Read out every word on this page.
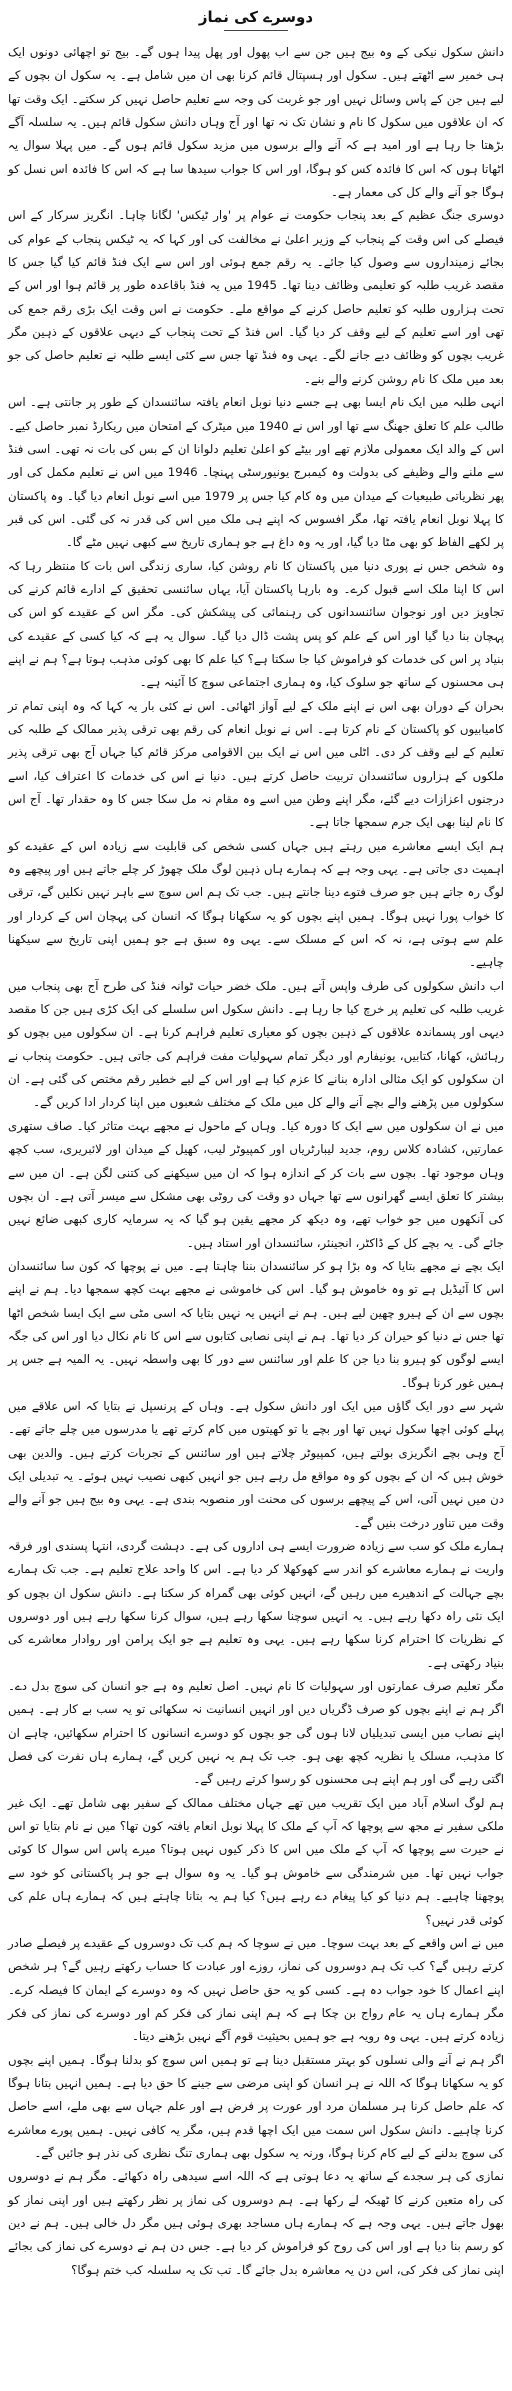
دوسرے کی نماز

دانش سکول نیکی کے وہ بیج ہیں جن سے اب پھول اور پھل پیدا ہوں گے۔ بیج تو اچھائی دونوں ایک ہی خمیر سے اٹھتے ہیں۔ سکول اور ہسپتال قائم کرنا بھی ان میں شامل ہے۔ یہ سکول ان بچوں کے لیے ہیں جن کے پاس وسائل نہیں اور جو غربت کی وجہ سے تعلیم حاصل نہیں کر سکتے۔ ایک وقت تھا کہ ان علاقوں میں سکول کا نام و نشان تک نہ تھا اور آج وہاں دانش سکول قائم ہیں۔ یہ سلسلہ آگے بڑھتا جا رہا ہے اور امید ہے کہ آنے والے برسوں میں مزید سکول قائم ہوں گے۔ میں پہلا سوال یہ اٹھاتا ہوں کہ اس کا فائدہ کس کو ہوگا، اور اس کا جواب سیدھا سا ہے کہ اس کا فائدہ اس نسل کو ہوگا جو آنے والے کل کی معمار ہے۔

دوسری جنگ عظیم کے بعد پنجاب حکومت نے عوام پر 'وار ٹیکس' لگانا چاہا۔ انگریز سرکار کے اس فیصلے کی اس وقت کے پنجاب کے وزیر اعلیٰ نے مخالفت کی اور کہا کہ یہ ٹیکس پنجاب کے عوام کی بجائے زمینداروں سے وصول کیا جائے۔ یہ رقم جمع ہوئی اور اس سے ایک فنڈ قائم کیا گیا جس کا مقصد غریب طلبہ کو تعلیمی وظائف دینا تھا۔ 1945 میں یہ فنڈ باقاعدہ طور پر قائم ہوا اور اس کے تحت ہزاروں طلبہ کو تعلیم حاصل کرنے کے مواقع ملے۔ حکومت نے اس وقت ایک بڑی رقم جمع کی تھی اور اسے تعلیم کے لیے وقف کر دیا گیا۔ اس فنڈ کے تحت پنجاب کے دیہی علاقوں کے ذہین مگر غریب بچوں کو وظائف دیے جانے لگے۔ یہی وہ فنڈ تھا جس سے کئی ایسے طلبہ نے تعلیم حاصل کی جو بعد میں ملک کا نام روشن کرنے والے بنے۔

انہی طلبہ میں ایک نام ایسا بھی ہے جسے دنیا نوبل انعام یافتہ سائنسدان کے طور پر جانتی ہے۔ اس طالب علم کا تعلق جھنگ سے تھا اور اس نے 1940 میں میٹرک کے امتحان میں ریکارڈ نمبر حاصل کیے۔ اس کے والد ایک معمولی ملازم تھے اور بیٹے کو اعلیٰ تعلیم دلوانا ان کے بس کی بات نہ تھی۔ اسی فنڈ سے ملنے والے وظیفے کی بدولت وہ کیمبرج یونیورسٹی پہنچا۔ 1946 میں اس نے تعلیم مکمل کی اور پھر نظریاتی طبیعیات کے میدان میں وہ کام کیا جس پر 1979 میں اسے نوبل انعام دیا گیا۔ وہ پاکستان کا پہلا نوبل انعام یافتہ تھا، مگر افسوس کہ اپنے ہی ملک میں اس کی قدر نہ کی گئی۔ اس کی قبر پر لکھے الفاظ کو بھی مٹا دیا گیا، اور یہ وہ داغ ہے جو ہماری تاریخ سے کبھی نہیں مٹے گا۔

وہ شخص جس نے پوری دنیا میں پاکستان کا نام روشن کیا، ساری زندگی اس بات کا منتظر رہا کہ اس کا اپنا ملک اسے قبول کرے۔ وہ بارہا پاکستان آیا، یہاں سائنسی تحقیق کے ادارے قائم کرنے کی تجاویز دیں اور نوجوان سائنسدانوں کی رہنمائی کی پیشکش کی۔ مگر اس کے عقیدے کو اس کی پہچان بنا دیا گیا اور اس کے علم کو پس پشت ڈال دیا گیا۔ سوال یہ ہے کہ کیا کسی کے عقیدے کی بنیاد پر اس کی خدمات کو فراموش کیا جا سکتا ہے؟ کیا علم کا بھی کوئی مذہب ہوتا ہے؟ ہم نے اپنے ہی محسنوں کے ساتھ جو سلوک کیا، وہ ہماری اجتماعی سوچ کا آئینہ ہے۔

بحران کے دوران بھی اس نے اپنے ملک کے لیے آواز اٹھائی۔ اس نے کئی بار یہ کہا کہ وہ اپنی تمام تر کامیابیوں کو پاکستان کے نام کرتا ہے۔ اس نے نوبل انعام کی رقم بھی ترقی پذیر ممالک کے طلبہ کی تعلیم کے لیے وقف کر دی۔ اٹلی میں اس نے ایک بین الاقوامی مرکز قائم کیا جہاں آج بھی ترقی پذیر ملکوں کے ہزاروں سائنسدان تربیت حاصل کرتے ہیں۔ دنیا نے اس کی خدمات کا اعتراف کیا، اسے درجنوں اعزازات دیے گئے، مگر اپنے وطن میں اسے وہ مقام نہ مل سکا جس کا وہ حقدار تھا۔ آج اس کا نام لینا بھی ایک جرم سمجھا جاتا ہے۔

ہم ایک ایسے معاشرے میں رہتے ہیں جہاں کسی شخص کی قابلیت سے زیادہ اس کے عقیدے کو اہمیت دی جاتی ہے۔ یہی وجہ ہے کہ ہمارے ہاں ذہین لوگ ملک چھوڑ کر چلے جاتے ہیں اور پیچھے وہ لوگ رہ جاتے ہیں جو صرف فتوے دینا جانتے ہیں۔ جب تک ہم اس سوچ سے باہر نہیں نکلیں گے، ترقی کا خواب پورا نہیں ہوگا۔ ہمیں اپنے بچوں کو یہ سکھانا ہوگا کہ انسان کی پہچان اس کے کردار اور علم سے ہوتی ہے، نہ کہ اس کے مسلک سے۔ یہی وہ سبق ہے جو ہمیں اپنی تاریخ سے سیکھنا چاہیے۔

اب دانش سکولوں کی طرف واپس آتے ہیں۔ ملک خضر حیات ٹوانہ فنڈ کی طرح آج بھی پنجاب میں غریب طلبہ کی تعلیم پر خرچ کیا جا رہا ہے۔ دانش سکول اس سلسلے کی ایک کڑی ہیں جن کا مقصد دیہی اور پسماندہ علاقوں کے ذہین بچوں کو معیاری تعلیم فراہم کرنا ہے۔ ان سکولوں میں بچوں کو رہائش، کھانا، کتابیں، یونیفارم اور دیگر تمام سہولیات مفت فراہم کی جاتی ہیں۔ حکومت پنجاب نے ان سکولوں کو ایک مثالی ادارہ بنانے کا عزم کیا ہے اور اس کے لیے خطیر رقم مختص کی گئی ہے۔ ان سکولوں میں پڑھنے والے بچے آنے والے کل میں ملک کے مختلف شعبوں میں اپنا کردار ادا کریں گے۔

میں نے ان سکولوں میں سے ایک کا دورہ کیا۔ وہاں کے ماحول نے مجھے بہت متاثر کیا۔ صاف ستھری عمارتیں، کشادہ کلاس روم، جدید لیبارٹریاں اور کمپیوٹر لیب، کھیل کے میدان اور لائبریری، سب کچھ وہاں موجود تھا۔ بچوں سے بات کر کے اندازہ ہوا کہ ان میں سیکھنے کی کتنی لگن ہے۔ ان میں سے بیشتر کا تعلق ایسے گھرانوں سے تھا جہاں دو وقت کی روٹی بھی مشکل سے میسر آتی ہے۔ ان بچوں کی آنکھوں میں جو خواب تھے، وہ دیکھ کر مجھے یقین ہو گیا کہ یہ سرمایہ کاری کبھی ضائع نہیں جائے گی۔ یہ بچے کل کے ڈاکٹر، انجینئر، سائنسدان اور استاد ہیں۔

ایک بچے نے مجھے بتایا کہ وہ بڑا ہو کر سائنسدان بننا چاہتا ہے۔ میں نے پوچھا کہ کون سا سائنسدان اس کا آئیڈیل ہے تو وہ خاموش ہو گیا۔ اس کی خاموشی نے مجھے بہت کچھ سمجھا دیا۔ ہم نے اپنے بچوں سے ان کے ہیرو چھین لیے ہیں۔ ہم نے انہیں یہ نہیں بتایا کہ اسی مٹی سے ایک ایسا شخص اٹھا تھا جس نے دنیا کو حیران کر دیا تھا۔ ہم نے اپنی نصابی کتابوں سے اس کا نام نکال دیا اور اس کی جگہ ایسے لوگوں کو ہیرو بنا دیا جن کا علم اور سائنس سے دور کا بھی واسطہ نہیں۔ یہ المیہ ہے جس پر ہمیں غور کرنا ہوگا۔

شہر سے دور ایک گاؤں میں ایک اور دانش سکول ہے۔ وہاں کے پرنسپل نے بتایا کہ اس علاقے میں پہلے کوئی اچھا سکول نہیں تھا اور بچے یا تو کھیتوں میں کام کرتے تھے یا مدرسوں میں چلے جاتے تھے۔ آج وہی بچے انگریزی بولتے ہیں، کمپیوٹر چلاتے ہیں اور سائنس کے تجربات کرتے ہیں۔ والدین بھی خوش ہیں کہ ان کے بچوں کو وہ مواقع مل رہے ہیں جو انہیں کبھی نصیب نہیں ہوئے۔ یہ تبدیلی ایک دن میں نہیں آئی، اس کے پیچھے برسوں کی محنت اور منصوبہ بندی ہے۔ یہی وہ بیج ہیں جو آنے والے وقت میں تناور درخت بنیں گے۔

ہمارے ملک کو سب سے زیادہ ضرورت ایسے ہی اداروں کی ہے۔ دہشت گردی، انتہا پسندی اور فرقہ واریت نے ہمارے معاشرے کو اندر سے کھوکھلا کر دیا ہے۔ اس کا واحد علاج تعلیم ہے۔ جب تک ہمارے بچے جہالت کے اندھیرے میں رہیں گے، انہیں کوئی بھی گمراہ کر سکتا ہے۔ دانش سکول ان بچوں کو ایک نئی راہ دکھا رہے ہیں۔ یہ انہیں سوچنا سکھا رہے ہیں، سوال کرنا سکھا رہے ہیں اور دوسروں کے نظریات کا احترام کرنا سکھا رہے ہیں۔ یہی وہ تعلیم ہے جو ایک پرامن اور روادار معاشرے کی بنیاد رکھتی ہے۔

مگر تعلیم صرف عمارتوں اور سہولیات کا نام نہیں۔ اصل تعلیم وہ ہے جو انسان کی سوچ بدل دے۔ اگر ہم نے اپنے بچوں کو صرف ڈگریاں دیں اور انہیں انسانیت نہ سکھائی تو یہ سب بے کار ہے۔ ہمیں اپنے نصاب میں ایسی تبدیلیاں لانا ہوں گی جو بچوں کو دوسرے انسانوں کا احترام سکھائیں، چاہے ان کا مذہب، مسلک یا نظریہ کچھ بھی ہو۔ جب تک ہم یہ نہیں کریں گے، ہمارے ہاں نفرت کی فصل اگتی رہے گی اور ہم اپنے ہی محسنوں کو رسوا کرتے رہیں گے۔

ہم لوگ اسلام آباد میں ایک تقریب میں تھے جہاں مختلف ممالک کے سفیر بھی شامل تھے۔ ایک غیر ملکی سفیر نے مجھ سے پوچھا کہ آپ کے ملک کا پہلا نوبل انعام یافتہ کون تھا؟ میں نے نام بتایا تو اس نے حیرت سے پوچھا کہ آپ کے ملک میں اس کا ذکر کیوں نہیں ہوتا؟ میرے پاس اس سوال کا کوئی جواب نہیں تھا۔ میں شرمندگی سے خاموش ہو گیا۔ یہ وہ سوال ہے جو ہر پاکستانی کو خود سے پوچھنا چاہیے۔ ہم دنیا کو کیا پیغام دے رہے ہیں؟ کیا ہم یہ بتانا چاہتے ہیں کہ ہمارے ہاں علم کی کوئی قدر نہیں؟

میں نے اس واقعے کے بعد بہت سوچا۔ میں نے سوچا کہ ہم کب تک دوسروں کے عقیدے پر فیصلے صادر کرتے رہیں گے؟ کب تک ہم دوسروں کی نماز، روزے اور عبادت کا حساب رکھتے رہیں گے؟ ہر شخص اپنے اعمال کا خود جواب دہ ہے۔ کسی کو یہ حق حاصل نہیں کہ وہ دوسرے کے ایمان کا فیصلہ کرے۔ مگر ہمارے ہاں یہ عام رواج بن چکا ہے کہ ہم اپنی نماز کی فکر کم اور دوسرے کی نماز کی فکر زیادہ کرتے ہیں۔ یہی وہ رویہ ہے جو ہمیں بحیثیت قوم آگے نہیں بڑھنے دیتا۔

اگر ہم نے آنے والی نسلوں کو بہتر مستقبل دینا ہے تو ہمیں اس سوچ کو بدلنا ہوگا۔ ہمیں اپنے بچوں کو یہ سکھانا ہوگا کہ اللہ نے ہر انسان کو اپنی مرضی سے جینے کا حق دیا ہے۔ ہمیں انہیں بتانا ہوگا کہ علم حاصل کرنا ہر مسلمان مرد اور عورت پر فرض ہے اور علم جہاں سے بھی ملے، اسے حاصل کرنا چاہیے۔ دانش سکول اس سمت میں ایک اچھا قدم ہیں، مگر یہ کافی نہیں۔ ہمیں پورے معاشرے کی سوچ بدلنے کے لیے کام کرنا ہوگا، ورنہ یہ سکول بھی ہماری تنگ نظری کی نذر ہو جائیں گے۔

نمازی کی ہر سجدے کے ساتھ یہ دعا ہوتی ہے کہ اللہ اسے سیدھی راہ دکھائے۔ مگر ہم نے دوسروں کی راہ متعین کرنے کا ٹھیکہ لے رکھا ہے۔ ہم دوسروں کی نماز پر نظر رکھتے ہیں اور اپنی نماز کو بھول جاتے ہیں۔ یہی وجہ ہے کہ ہمارے ہاں مساجد بھری ہوئی ہیں مگر دل خالی ہیں۔ ہم نے دین کو رسم بنا دیا ہے اور اس کی روح کو فراموش کر دیا ہے۔ جس دن ہم نے دوسرے کی نماز کی بجائے اپنی نماز کی فکر کی، اس دن یہ معاشرہ بدل جائے گا۔ تب تک یہ سلسلہ کب ختم ہوگا؟
